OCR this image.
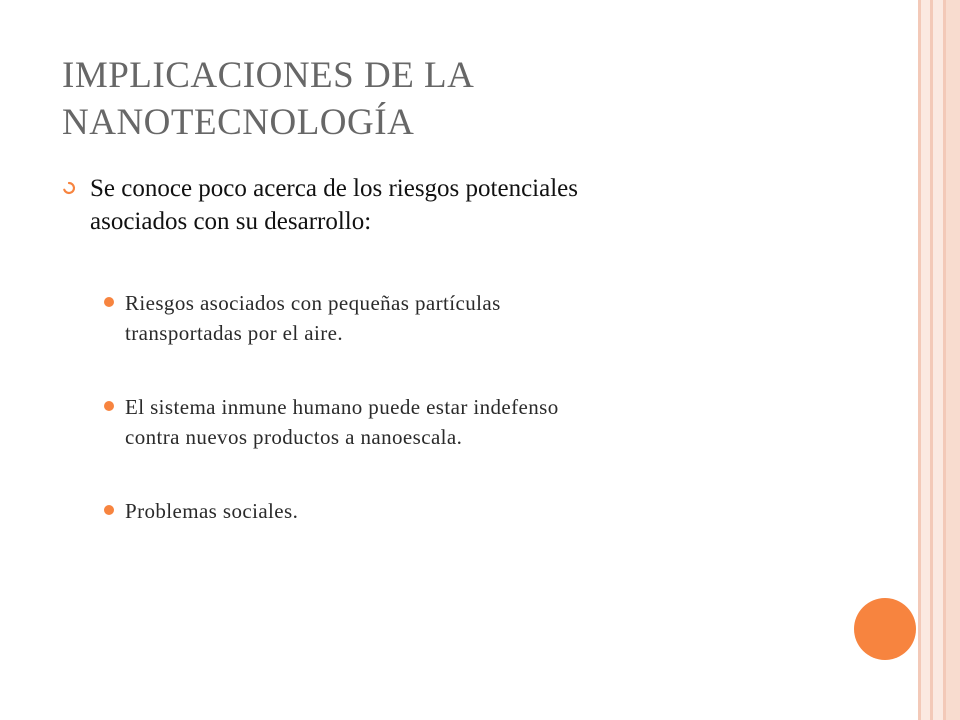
IMPLICACIONES DE LA
NANOTECNOLOGÍA

Se conoce poco acerca de los riesgos potenciales
asociados con su desarrollo:

Riesgos asociados con pequeñas partículas
transportadas por el aire.

El sistema inmune humano puede estar indefenso
contra nuevos productos a nanoescala.

Problemas sociales.
